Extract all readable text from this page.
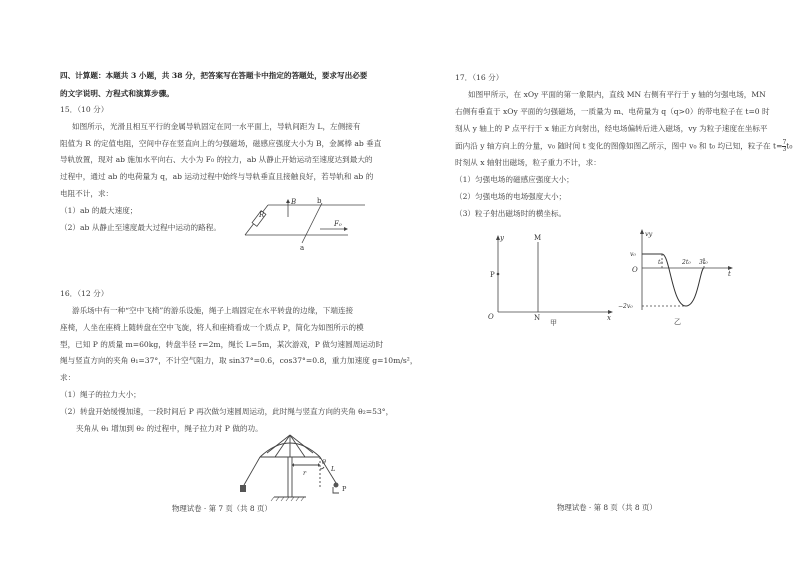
四、计算题：本题共 3 小题，共 38 分，把答案写在答题卡中指定的答题处，要求写出必要
的文字说明、方程式和演算步骤。
15．（10 分）
如图所示，光滑且相互平行的金属导轨固定在同一水平面上，导轨间距为 L，左侧接有
阻值为 R 的定值电阻，空间中存在竖直向上的匀强磁场，磁感应强度大小为 B，金属棒 ab 垂直
导轨放置，现对 ab 施加水平向右、大小为 F₀ 的拉力，ab 从静止开始运动至速度达到最大的
过程中，通过 ab 的电荷量为 q，ab 运动过程中始终与导轨垂直且接触良好，若导轨和 ab 的
电阻不计，求：
（1）ab 的最大速度；
（2）ab 从静止至速度最大过程中运动的路程。
R
B	b
a
F₀
16．（12 分）
游乐场中有一种“空中飞椅”的游乐设施，绳子上端固定在水平转盘的边缘，下端连接
座椅，人坐在座椅上随转盘在空中飞旋，将人和座椅看成一个质点 P，简化为如图所示的模
型，已知 P 的质量 m=60kg，转盘半径 r=2m，绳长 L=5m，某次游戏，P 做匀速圆周运动时
绳与竖直方向的夹角 θ₁=37°，不计空气阻力，取 sin37°=0.6，cos37°=0.8，重力加速度 g=10m/s²，
求：
（1）绳子的拉力大小；
（2）转盘开始缓慢加速，一段时间后 P 再次做匀速圆周运动，此时绳与竖直方向的夹角 θ₂=53°，
夹角从 θ₁ 增加到 θ₂ 的过程中，绳子拉力对 P 做的功。
θ
r	L
P
物理试卷 · 第 7 页（共 8 页）
17．（16 分）
如图甲所示，在 xOy 平面的第一象限内，直线 MN 右侧有平行于 y 轴的匀强电场，MN
右侧有垂直于 xOy 平面的匀强磁场，一质量为 m、电荷量为 q（q>0）的带电粒子在 t=0 时
刻从 y 轴上的 P 点平行于 x 轴正方向射出，经电场偏转后进入磁场，vy 为粒子速度在坐标平
面内沿 y 轴方向上的分量，v₀ 随时间 t 变化的图像如图乙所示，图中 v₀ 和 t₀ 均已知，粒子在 $t= \frac{7}{3} t_0$
时刻从 x 轴射出磁场，粒子重力不计，求：
（1）匀强电场的磁感应强度大小；
（2）匀强电场的电场强度大小；
（3）粒子射出磁场时的横坐标。
y	M
P
O	N	x
甲
vy
v₀
O
t₀	2t₀ 3t₀
t
−2v₀
乙
物理试卷 · 第 8 页（共 8 页）
